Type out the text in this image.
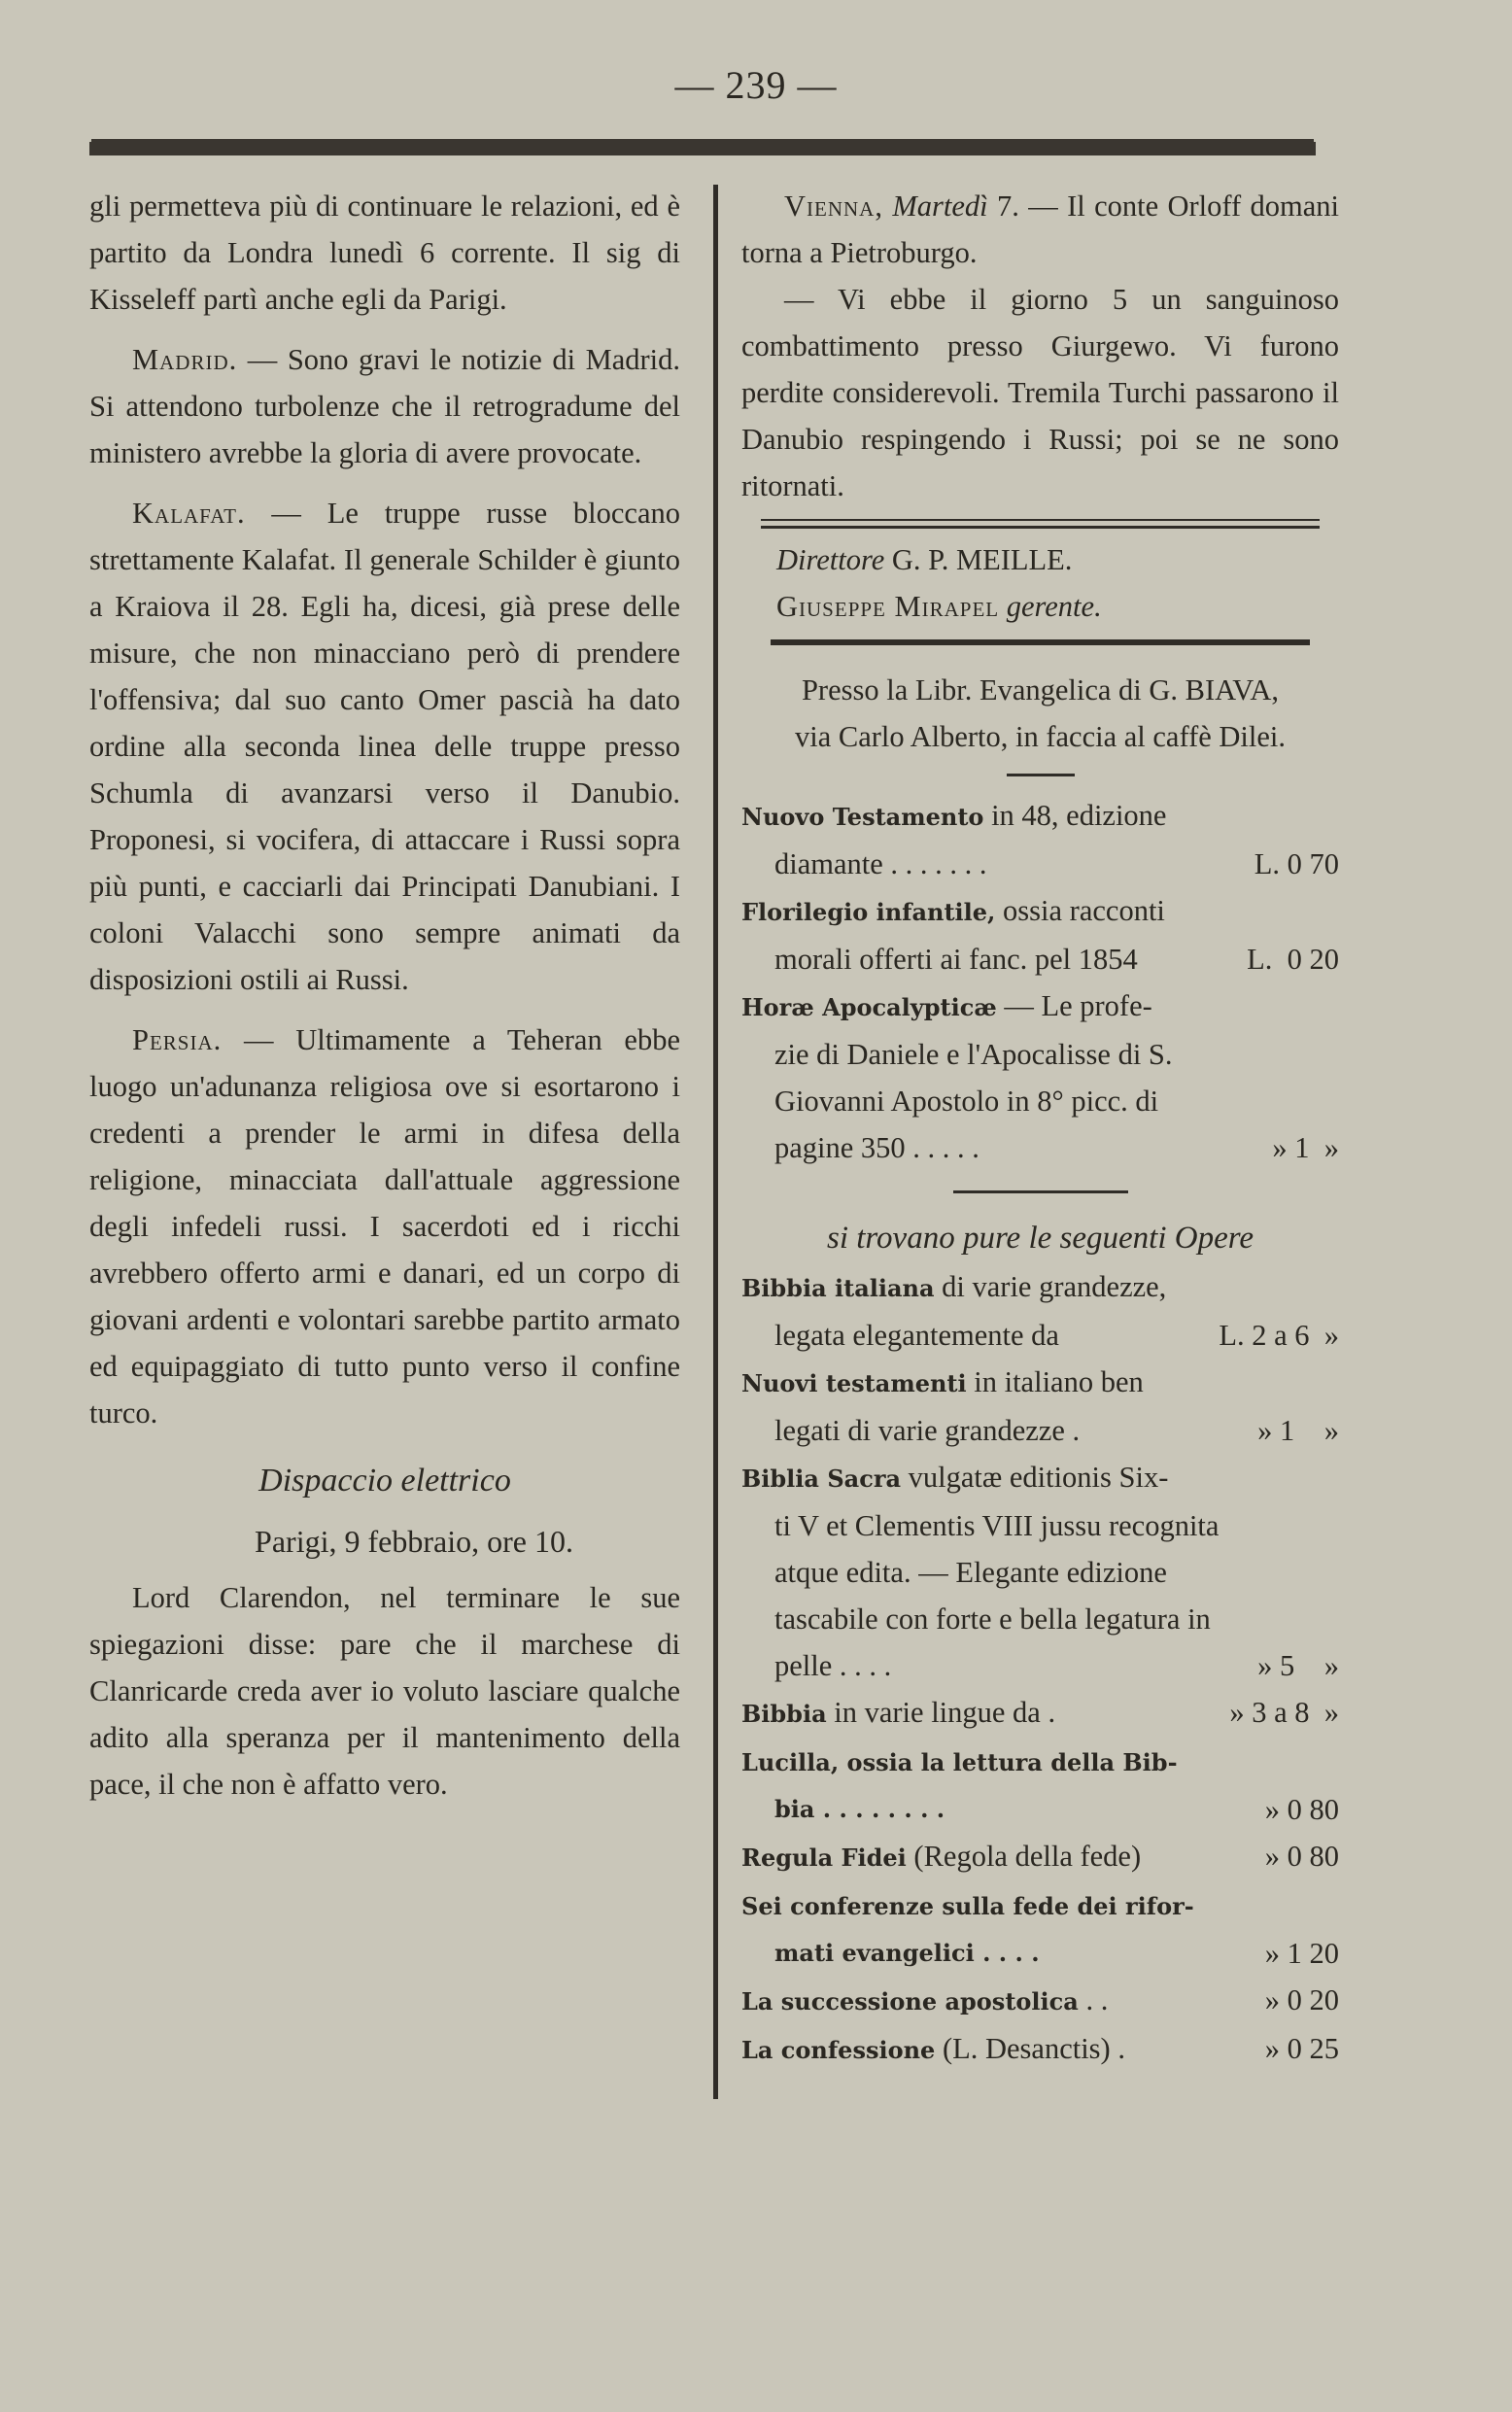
— 239 —

gli permetteva più di continuare le relazioni, ed è partito da Londra lunedì 6 corrente. Il sig di Kisseleff partì anche egli da Parigi.

Madrid. — Sono gravi le notizie di Madrid. Si attendono turbolenze che il retrogradume del ministero avrebbe la gloria di avere provocate.

Kalafat. — Le truppe russe bloccano strettamente Kalafat. Il generale Schilder è giunto a Kraiova il 28. Egli ha, dicesi, già prese delle misure, che non minacciano però di prendere l'offensiva; dal suo canto Omer pascià ha dato ordine alla seconda linea delle truppe presso Schumla di avanzarsi verso il Danubio. Proponesi, si vocifera, di attaccare i Russi sopra più punti, e cacciarli dai Principati Danubiani. I coloni Valacchi sono sempre animati da disposizioni ostili ai Russi.

Persia. — Ultimamente a Teheran ebbe luogo un'adunanza religiosa ove si esortarono i credenti a prender le armi in difesa della religione, minacciata dall'attuale aggressione degli infedeli russi. I sacerdoti ed i ricchi avrebbero offerto armi e danari, ed un corpo di giovani ardenti e volontari sarebbe partito armato ed equipaggiato di tutto punto verso il confine turco.

Dispaccio elettrico

Parigi, 9 febbraio, ore 10.

Lord Clarendon, nel terminare le sue spiegazioni disse: pare che il marchese di Clanricarde creda aver io voluto lasciare qualche adito alla speranza per il mantenimento della pace, il che non è affatto vero.

Vienna, Martedì 7. — Il conte Orloff domani torna a Pietroburgo.

— Vi ebbe il giorno 5 un sanguinoso combattimento presso Giurgewo. Vi furono perdite considerevoli. Tremila Turchi passarono il Danubio respingendo i Russi; poi se ne sono ritornati.

Direttore G. P. MEILLE.

Giuseppe Mirapel gerente.

Presso la Libr. Evangelica di G. BIAVA,

via Carlo Alberto, in faccia al caffè Dilei.

Nuovo Testamento in 48, edizione
diamante . . . . . . .	L. 0 70
Florilegio infantile, ossia racconti
morali offerti ai fanc. pel 1854	L.  0 20
Horæ Apocalypticæ — Le profe-
zie di Daniele e l'Apocalisse di S. Giovanni Apostolo in 8° picc. di pagine 350 . . . . .	» 1  »

si trovano pure le seguenti Opere

Bibbia italiana di varie grandezze,
legata elegantemente da	L. 2 a 6  »
Nuovi testamenti in italiano ben
legati di varie grandezze .	» 1    »
Biblia Sacra vulgatæ editionis Six-
ti V et Clementis VIII jussu recognita atque edita. — Elegante edizione tascabile con forte e bella legatura in pelle . . . .	» 5    »
Bibbia in varie lingue da .	» 3 a 8  »
Lucilla, ossia la lettura della Bib-
bia . . . . . . . .	» 0 80
Regula Fidei (Regola della fede)	» 0 80
Sei conferenze sulla fede dei rifor-
mati evangelici . . . .	» 1 20
La successione apostolica . .	» 0 20
La confessione (L. Desanctis) .	» 0 25
